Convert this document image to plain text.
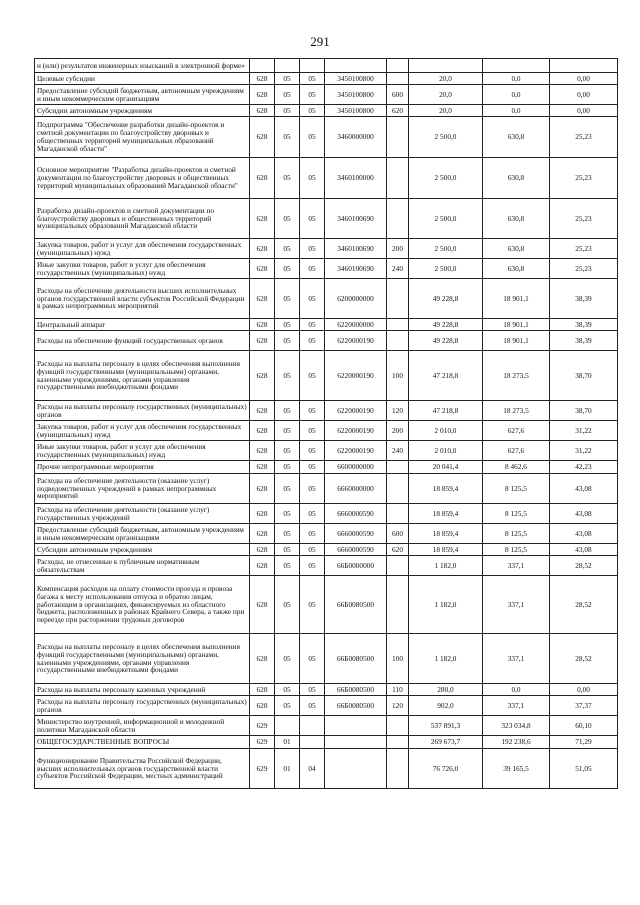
291
и (или) результатов инженерных изысканий в электронной форме»								
Целевые субсидии	628	05	05	3450100800		20,0	0,0	0,00
Предоставление субсидий бюджетным, автономным учреждениям и иным некоммерческим организациям	628	05	05	3450100800	600	20,0	0,0	0,00
Субсидии автономным учреждениям	628	05	05	3450100800	620	20,0	0,0	0,00
Подпрограмма "Обеспечение разработки дизайн-проектов и сметной документации по благоустройству дворовых и общественных территорий муниципальных образований Магаданской области"	628	05	05	3460000000		2 500,0	630,8	25,23
Основное мероприятие "Разработка дизайн-проектов и сметной документации по благоустройству дворовых и общественных территорий муниципальных образований Магаданской области"	628	05	05	3460100000		2 500,0	630,8	25,23
Разработка дизайн-проектов и сметной документации по благоустройству дворовых и общественных территорий муниципальных образований Магаданской области	628	05	05	3460100690		2 500,0	630,8	25,23
Закупка товаров, работ и услуг для обеспечения государственных (муниципальных) нужд	628	05	05	3460100690	200	2 500,0	630,8	25,23
Иные закупки товаров, работ и услуг для обеспечения государственных (муниципальных) нужд	628	05	05	3460100690	240	2 500,0	630,8	25,23
Расходы на обеспечение деятельности высших исполнительных органов государственной власти субъектов Российской Федерации в рамках непрограммных мероприятий	628	05	05	6200000000		49 228,8	18 901,1	38,39
Центральный аппарат	628	05	05	6220000000		49 228,8	18 901,1	38,39
Расходы на обеспечение функций государственных органов	628	05	05	6220000190		49 228,8	18 901,1	38,39
Расходы на выплаты персоналу в целях обеспечения выполнения функций государственными (муниципальными) органами, казенными учреждениями, органами управления государственными внебюджетными фондами	628	05	05	6220000190	100	47 218,8	18 273,5	38,70
Расходы на выплаты персоналу государственных (муниципальных) органов	628	05	05	6220000190	120	47 218,8	18 273,5	38,70
Закупка товаров, работ и услуг для обеспечения государственных (муниципальных) нужд	628	05	05	6220000190	200	2 010,0	627,6	31,22
Иные закупки товаров, работ и услуг для обеспечения государственных (муниципальных) нужд	628	05	05	6220000190	240	2 010,0	627,6	31,22
Прочие непрограммные мероприятия	628	05	05	6600000000		20 041,4	8 462,6	42,23
Расходы на обеспечение деятельности (оказание услуг) подведомственных учреждений в рамках непрограммных мероприятий	628	05	05	6660000000		18 859,4	8 125,5	43,08
Расходы на обеспечение деятельности (оказание услуг) государственных учреждений	628	05	05	6660000590		18 859,4	8 125,5	43,08
Предоставление субсидий бюджетным, автономным учреждениям и иным некоммерческим организациям	628	05	05	6660000590	600	18 859,4	8 125,5	43,08
Субсидии автономным учреждениям	628	05	05	6660000590	620	18 859,4	8 125,5	43,08
Расходы, не отнесенные к публичным нормативным обязательствам	628	05	05	66Б0000000		1 182,0	337,1	28,52
Компенсация расходов на оплату стоимости проезда и провоза багажа к месту использования отпуска и обратно лицам, работающим в организациях, финансируемых из областного бюджета, расположенных в районах Крайнего Севера, а также при переезде при расторжении трудовых договоров	628	05	05	66Б0080500		1 182,0	337,1	28,52
Расходы на выплаты персоналу в целях обеспечения выполнения функций государственными (муниципальными) органами, казенными учреждениями, органами управления государственными внебюджетными фондами	628	05	05	66Б0080500	100	1 182,0	337,1	28,52
Расходы на выплаты персоналу казенных учреждений	628	05	05	66Б0080500	110	280,0	0,0	0,00
Расходы на выплаты персоналу государственных (муниципальных) органов	628	05	05	66Б0080500	120	902,0	337,1	37,37
Министерство внутренней, информационной и молодежной политики Магаданской области	629					537 891,3	323 034,8	60,10
ОБЩЕГОСУДАРСТВЕННЫЕ ВОПРОСЫ	629	01				269 673,7	192 238,6	71,29
Функционирование Правительства Российской Федерации, высших исполнительных органов государственной власти субъектов Российской Федерации, местных администраций	629	01	04			76 726,0	39 165,5	51,05
